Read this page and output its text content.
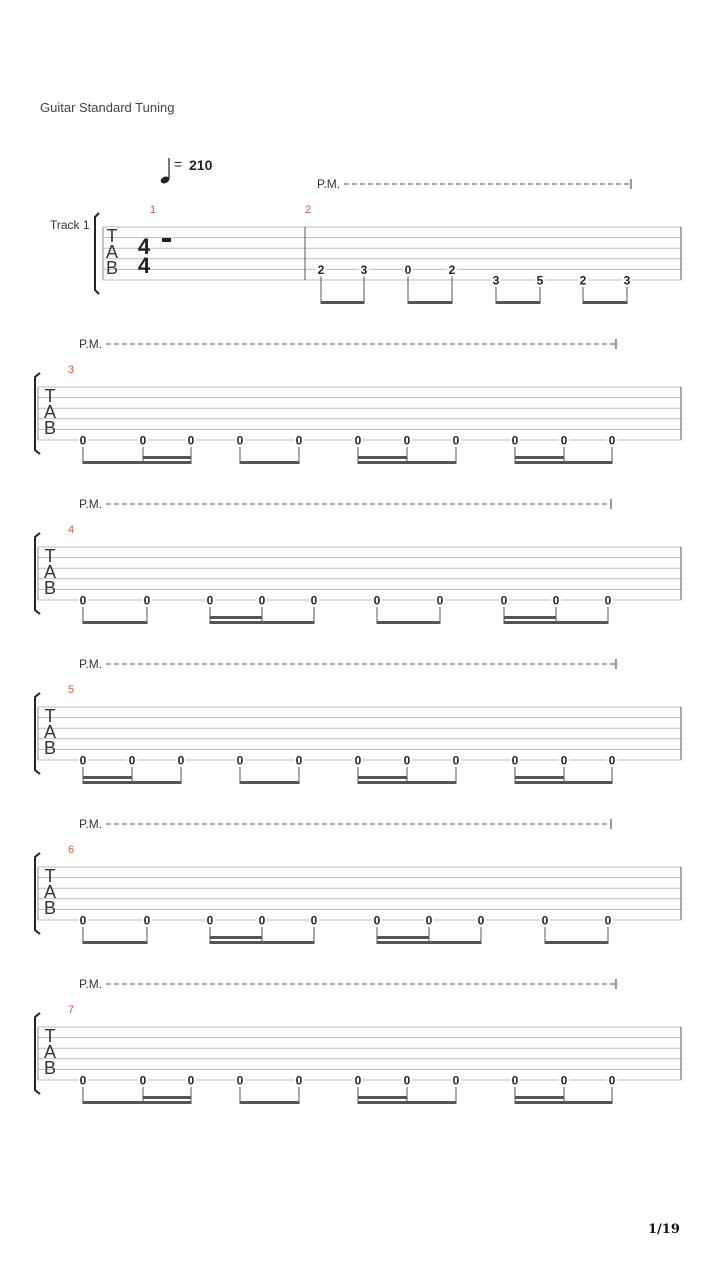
Guitar Standard Tuning
= 210
P.M.
Track 1
T
A
B
4
4
1	2
2	3	0	2
3	5	2	3
P.M.
T
A
B
3
0	0	0	0	0	0	0	0	0	0	0
P.M.
T
A
B
4
0	0	0	0	0	0	0	0	0	0
P.M.
T
A
B
5
0	0	0	0	0	0	0	0	0	0	0
P.M.
T
A
B
6
0	0	0	0	0	0	0	0	0	0
P.M.
T
A
B
7
0	0	0	0	0	0	0	0	0	0	0
1/19
